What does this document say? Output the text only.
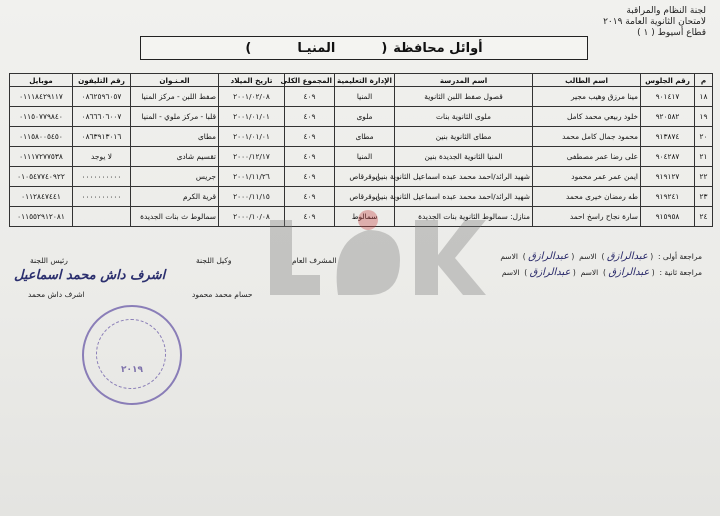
لجنة النظام والمراقبة
لامتحان الثانوية العامة ٢٠١٩
قطاع أسيوط ( ١ )
أوائل محافظة
(
المنيـا
)
م	رقم الجلوس	اسم الطالب	اسم المدرسة	الإدارة التعليمية	المجموع الكلى	تاريخ الميلاد	العـنـوان	رقم التليفون	موبايل
١٨	٩٠١٤١٧	مينا مرزق وهيب مجير	قصول صفط اللبن الثانوية	المنيا	٤٠٩	٢٠٠١/٠٢/٠٨	صفط اللبن - مركز المنيا	٠٨٦٢٥٩٦٠٥٧	٠١١١٨٤٢٩١١٧
١٩	٩٢٠٥٨٢	خلود ربيعي محمد كامل	ملوى الثانوية بنات	ملوى	٤٠٩	٢٠٠١/٠١/٠١	قلبا - مركز ملوي - المنيا	٠٨٦٦٦٠٦٠٠٧	٠١١٥٠٧٧٩٨٤٠
٢٠	٩١٣٨٧٤	محمود جمال كامل محمد	مطاى الثانوية بنين	مطاى	٤٠٩	٢٠٠١/٠١/٠١	مطاى	٠٨٦٣٩١٣٠١٦	٠١١٥٨٠٠٥٤٥٠
٢١	٩٠٤٢٨٧	على رضا عمر مصطفى	المنيا الثانوية الجديدة بنين	المنيا	٤٠٩	٢٠٠٠/١٢/١٧	تقسيم شادى	لا يوجد	٠١١١٧٢٧٧٥٣٨
٢٢	٩١٩١٢٧	ايمن عمر عمر محمود	شهيد الرائد/احمد محمد عبده اسماعيل الثانوية بنين	ابوقرقاص	٤٠٩	٢٠٠١/١١/٢٦	جريس	٠٠٠٠٠٠٠٠٠٠	٠١٠٥٤٧٧٤٠٩٢٢
٢٣	٩١٩٢٤١	طه رمضان خيرى محمد	شهيد الرائد/احمد محمد عبده اسماعيل الثانوية بنين	ابوقرقاص	٤٠٩	٢٠٠٠/١١/١٥	قرية الكرم	٠٠٠٠٠٠٠٠٠٠	٠١١٢٨٤٧٤٤١
٢٤	٩١٥٩٥٨	سارة نجاح راسخ احمد	منازل: سمالوط الثانوية بنات الجديدة	سمالوط	٤٠٩	٢٠٠٠/١٠/٠٨	سمالوط ث بنات الجديدة		٠١١٥٥٢٩١٢٠٨١
مراجعة أولى :  ( عبدالرازق )  الاسم  ( عبدالرازق )  الاسم
مراجعة ثانية :  ( عبدالرازق )  الاسم  ( عبدالرازق )  الاسم
المشرف العام
وكيل اللجنة
حسام محمد محمود
رئيس اللجنة
اشرف داش محمد
اشرف داش محمد اسماعيل
٢٠١٩
